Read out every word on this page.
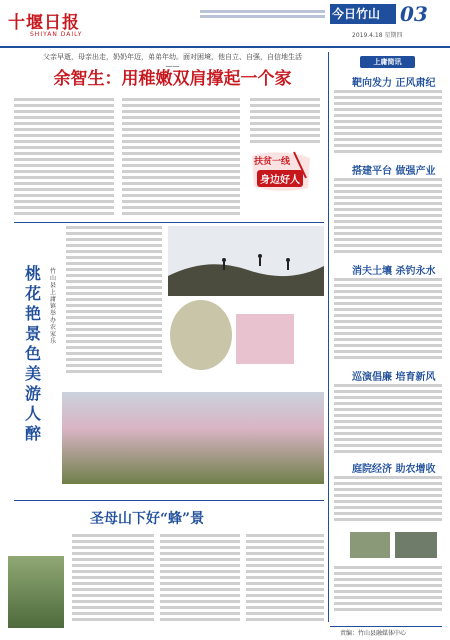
十堰日报
SHIYAN DAILY
今日竹山 03
2019.4.18 星期四
父亲早逝，母亲出走，奶奶年迈，弟弟年幼。面对困境，他自立、自强，自信地生活——
余智生：用稚嫩双肩撑起一个家
扶贫一线
身边好人
上庸简讯
靶向发力 正风肃纪
搭建平台 做强产业
消夫土壤 杀钓永水
巡演倡廉 培育新风
庭院经济 助农增收
桃花艳 景色美 游人醉
竹山县上庸镇举办农家乐
圣母山下好“蜂”景
责编：竹山县融媒体中心
